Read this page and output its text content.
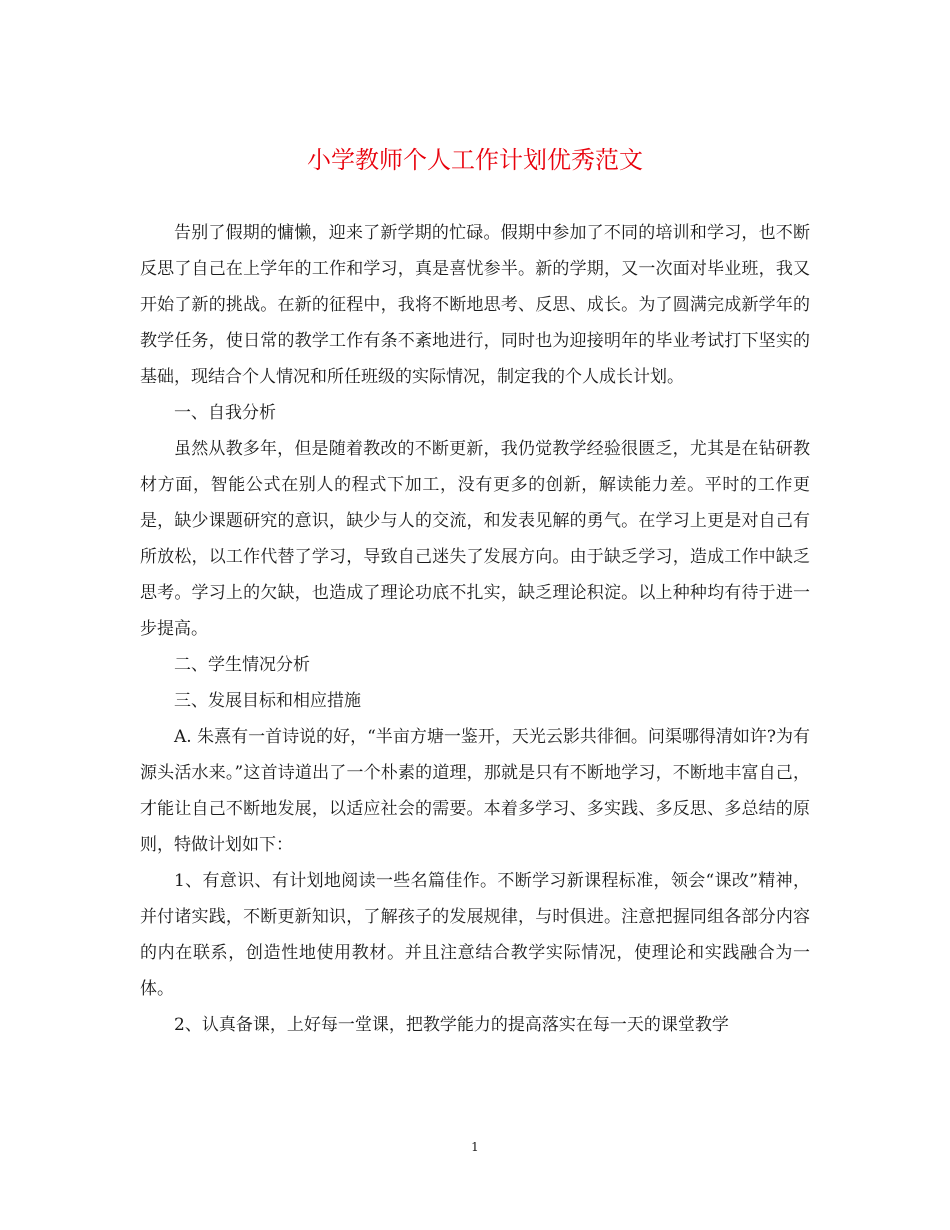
小学教师个人工作计划优秀范文

告别了假期的慵懒，迎来了新学期的忙碌。假期中参加了不同的培训和学习，也不断反思了自己在上学年的工作和学习，真是喜忧参半。新的学期，又一次面对毕业班，我又开始了新的挑战。在新的征程中，我将不断地思考、反思、成长。为了圆满完成新学年的教学任务，使日常的教学工作有条不紊地进行，同时也为迎接明年的毕业考试打下坚实的基础，现结合个人情况和所任班级的实际情况，制定我的个人成长计划。

一、自我分析

虽然从教多年，但是随着教改的不断更新，我仍觉教学经验很匮乏，尤其是在钻研教材方面，智能公式在别人的程式下加工，没有更多的创新，解读能力差。平时的工作更是，缺少课题研究的意识，缺少与人的交流，和发表见解的勇气。在学习上更是对自己有所放松，以工作代替了学习，导致自己迷失了发展方向。由于缺乏学习，造成工作中缺乏思考。学习上的欠缺，也造成了理论功底不扎实，缺乏理论积淀。以上种种均有待于进一步提高。

二、学生情况分析

三、发展目标和相应措施

A. 朱熹有一首诗说的好，“半亩方塘一鉴开，天光云影共徘徊。问渠哪得清如许?为有源头活水来。”这首诗道出了一个朴素的道理，那就是只有不断地学习，不断地丰富自己，才能让自己不断地发展，以适应社会的需要。本着多学习、多实践、多反思、多总结的原则，特做计划如下：

1、有意识、有计划地阅读一些名篇佳作。不断学习新课程标准，领会“课改”精神，并付诸实践，不断更新知识，了解孩子的发展规律，与时俱进。注意把握同组各部分内容的内在联系，创造性地使用教材。并且注意结合教学实际情况，使理论和实践融合为一体。

2、认真备课，上好每一堂课，把教学能力的提高落实在每一天的课堂教学

1
